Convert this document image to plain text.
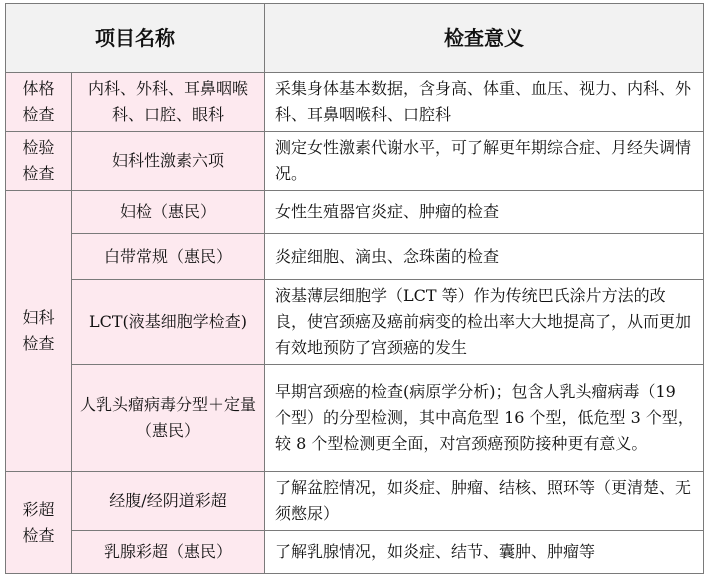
项目名称		检查意义
体格检查	内科、外科、耳鼻咽喉科、口腔、眼科	采集身体基本数据，含身高、体重、血压、视力、内科、外科、耳鼻咽喉科、口腔科
检验检查	妇科性激素六项	测定女性激素代谢水平，可了解更年期综合症、月经失调情况。
妇科检查	妇检（惠民）	女性生殖器官炎症、肿瘤的检查
	白带常规（惠民）	炎症细胞、滴虫、念珠菌的检查
	LCT(液基细胞学检查)	液基薄层细胞学（LCT 等）作为传统巴氏涂片方法的改良，使宫颈癌及癌前病变的检出率大大地提高了，从而更加有效地预防了宫颈癌的发生
	人乳头瘤病毒分型＋定量（惠民）	早期宫颈癌的检查(病原学分析)；包含人乳头瘤病毒（19 个型）的分型检测，其中高危型 16 个型，低危型 3 个型，较 8 个型检测更全面，对宫颈癌预防接种更有意义。
彩超检查	经腹/经阴道彩超	了解盆腔情况，如炎症、肿瘤、结核、照环等（更清楚、无须憋尿）
	乳腺彩超（惠民）	了解乳腺情况，如炎症、结节、囊肿、肿瘤等
